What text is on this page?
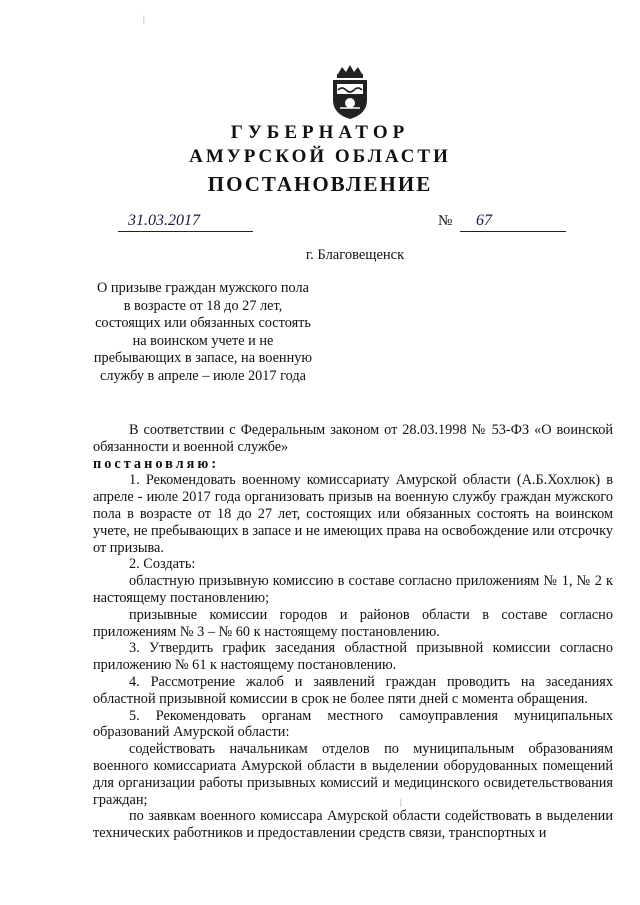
|
|
ГУБЕРНАТОР
АМУРСКОЙ ОБЛАСТИ
ПОСТАНОВЛЕНИЕ
31.03.2017	№	67
г. Благовещенск
О призыве граждан мужского пола в возрасте от 18 до 27 лет, состоящих или обязанных состоять на воинском учете и не пребывающих в запасе, на военную службу в апреле – июле 2017 года

В соответствии с Федеральным законом от 28.03.1998 № 53-ФЗ «О воинской обязанности и военной службе»

постановляю:

1. Рекомендовать военному комиссариату Амурской области (А.Б.Хохлюк) в апреле - июле 2017 года организовать призыв на военную службу граждан мужского пола в возрасте от 18 до 27 лет, состоящих или обязанных состоять на воинском учете, не пребывающих в запасе и не имеющих права на освобождение или отсрочку от призыва.

2. Создать:

областную призывную комиссию в составе согласно приложениям № 1, № 2 к настоящему постановлению;

призывные комиссии городов и районов области в составе согласно приложениям № 3 – № 60 к настоящему постановлению.

3. Утвердить график заседания областной призывной комиссии согласно приложению № 61 к настоящему постановлению.

4. Рассмотрение жалоб и заявлений граждан проводить на заседаниях областной призывной комиссии в срок не более пяти дней с момента обращения.

5. Рекомендовать органам местного самоуправления муниципальных образований Амурской области:

содействовать начальникам отделов по муниципальным образованиям военного комиссариата Амурской области в выделении оборудованных помещений для организации работы призывных комиссий и медицинского освидетельствования граждан;

по заявкам военного комиссара Амурской области содействовать в выделении технических работников и предоставлении средств связи, транспортных и
